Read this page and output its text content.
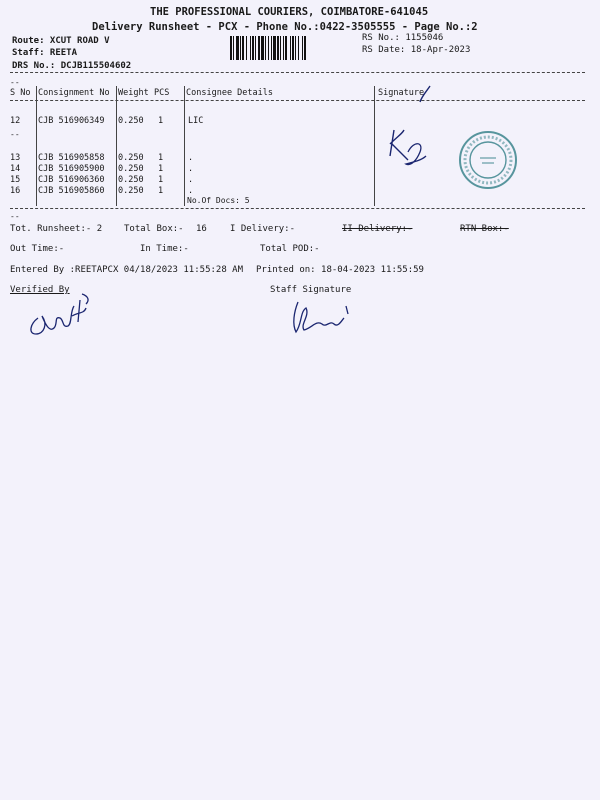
THE PROFESSIONAL COURIERS, COIMBATORE-641045
Delivery Runsheet - PCX - Phone No.:0422-3505555 - Page No.:2
Route: XCUT ROAD V
Staff: REETA
DRS No.: DCJB115504602
RS No.: 1155046
RS Date: 18-Apr-2023
--
S No Consignment No Weight PCS Consignee Details	Signature
12 CJB 516906349 0.250 1	LIC
--
13 CJB 516905858 0.250 1	.
14 CJB 516905900 0.250 1	.
15 CJB 516906360 0.250 1	.
16 CJB 516905860 0.250 1	.
No.Of Docs: 5
--
Tot. Runsheet:- 2 Total Box:- 16	I Delivery:-	II Delivery:-	RTN Box:-
Out Time:-	In Time:-	Total POD:-
Entered By :REETAPCX 04/18/2023 11:55:28 AM Printed on: 18-04-2023 11:55:59
Verified By	Staff Signature
